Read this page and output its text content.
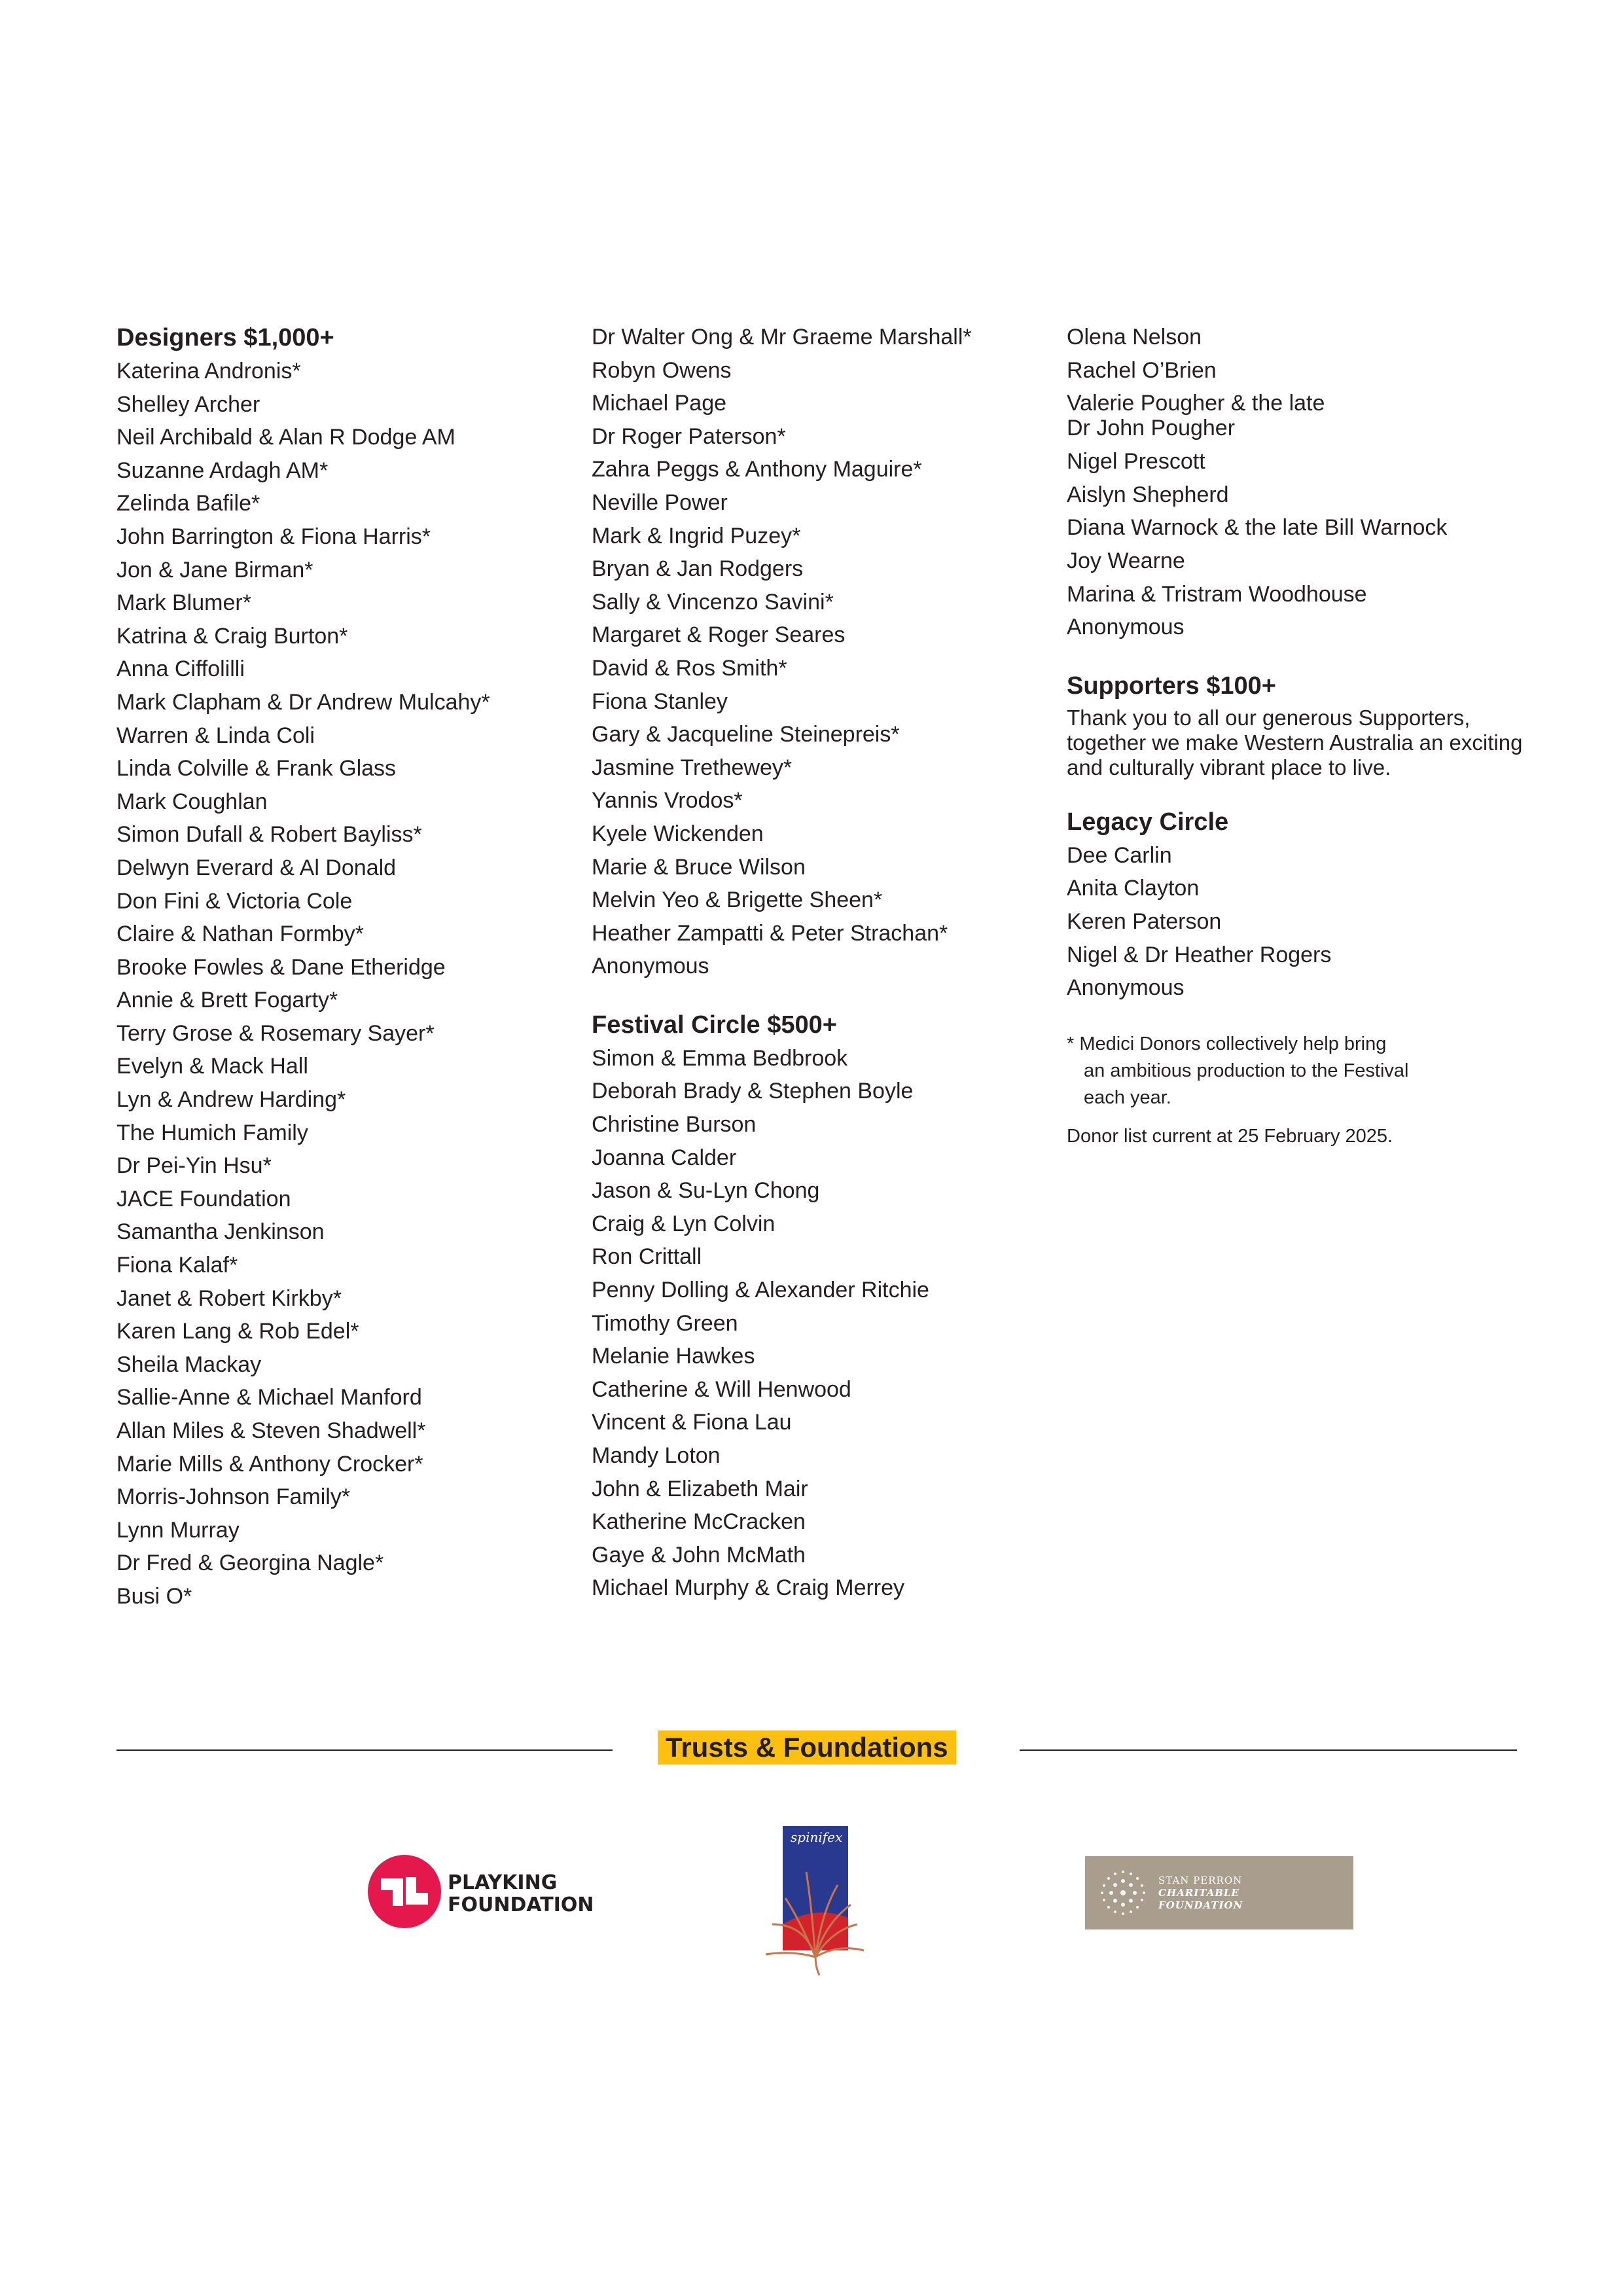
Designers $1,000+
Katerina Andronis*
Shelley Archer
Neil Archibald & Alan R Dodge AM
Suzanne Ardagh AM*
Zelinda Bafile*
John Barrington & Fiona Harris*
Jon & Jane Birman*
Mark Blumer*
Katrina & Craig Burton*
Anna Ciffolilli
Mark Clapham & Dr Andrew Mulcahy*
Warren & Linda Coli
Linda Colville & Frank Glass
Mark Coughlan
Simon Dufall & Robert Bayliss*
Delwyn Everard & Al Donald
Don Fini & Victoria Cole
Claire & Nathan Formby*
Brooke Fowles & Dane Etheridge
Annie & Brett Fogarty*
Terry Grose & Rosemary Sayer*
Evelyn & Mack Hall
Lyn & Andrew Harding*
The Humich Family
Dr Pei-Yin Hsu*
JACE Foundation
Samantha Jenkinson
Fiona Kalaf*
Janet & Robert Kirkby*
Karen Lang & Rob Edel*
Sheila Mackay
Sallie-Anne & Michael Manford
Allan Miles & Steven Shadwell*
Marie Mills & Anthony Crocker*
Morris-Johnson Family*
Lynn Murray
Dr Fred & Georgina Nagle*
Busi O*
Dr Walter Ong & Mr Graeme Marshall*
Robyn Owens
Michael Page
Dr Roger Paterson*
Zahra Peggs & Anthony Maguire*
Neville Power
Mark & Ingrid Puzey*
Bryan & Jan Rodgers
Sally & Vincenzo Savini*
Margaret & Roger Seares
David & Ros Smith*
Fiona Stanley
Gary & Jacqueline Steinepreis*
Jasmine Trethewey*
Yannis Vrodos*
Kyele Wickenden
Marie & Bruce Wilson
Melvin Yeo & Brigette Sheen*
Heather Zampatti & Peter Strachan*
Anonymous
Festival Circle $500+
Simon & Emma Bedbrook
Deborah Brady & Stephen Boyle
Christine Burson
Joanna Calder
Jason & Su-Lyn Chong
Craig & Lyn Colvin
Ron Crittall
Penny Dolling & Alexander Ritchie
Timothy Green
Melanie Hawkes
Catherine & Will Henwood
Vincent & Fiona Lau
Mandy Loton
John & Elizabeth Mair
Katherine McCracken
Gaye & John McMath
Michael Murphy & Craig Merrey
Olena Nelson
Rachel O’Brien
Valerie Pougher & the late
Dr John Pougher
Nigel Prescott
Aislyn Shepherd
Diana Warnock & the late Bill Warnock
Joy Wearne
Marina & Tristram Woodhouse
Anonymous
Supporters $100+

Thank you to all our generous Supporters, together we make Western Australia an exciting and culturally vibrant place to live.

Legacy Circle
Dee Carlin
Anita Clayton
Keren Paterson
Nigel & Dr Heather Rogers
Anonymous

* Medici Donors collectively help bring
an ambitious production to the Festival
each year.

Donor list current at 25 February 2025.

Trusts & Foundations
PLAYKING
FOUNDATION
spinifex
STAN PERRON
CHARITABLE
FOUNDATION
